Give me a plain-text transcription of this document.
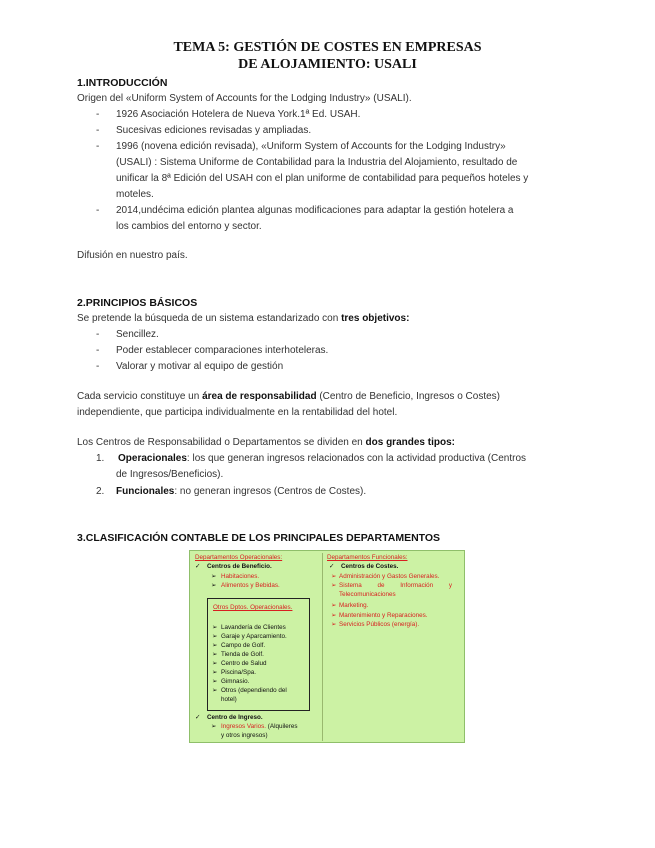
TEMA 5: GESTIÓN DE COSTES EN EMPRESAS
DE ALOJAMIENTO: USALI
1.INTRODUCCIÓN
Origen del «Uniform System of Accounts for the Lodging Industry» (USALI).
- 1926 Asociación Hotelera de Nueva York.1ª Ed. USAH.
- Sucesivas ediciones revisadas y ampliadas.
- 1996 (novena edición revisada), «Uniform System of Accounts for the Lodging Industry»
(USALI) : Sistema Uniforme de Contabilidad para la Industria del Alojamiento, resultado de
unificar la 8ª Edición del USAH con el plan uniforme de contabilidad para pequeños hoteles y
moteles.
- 2014,undécima edición plantea algunas modificaciones para adaptar la gestión hotelera a
los cambios del entorno y sector.
Difusión en nuestro país.
2.PRINCIPIOS BÁSICOS
Se pretende la búsqueda de un sistema estandarizado con tres objetivos:
- Sencillez.
- Poder establecer comparaciones interhoteleras.
- Valorar y motivar al equipo de gestión
Cada servicio constituye un área de responsabilidad (Centro de Beneficio, Ingresos o Costes)
independiente, que participa individualmente en la rentabilidad del hotel.
Los Centros de Responsabilidad o Departamentos se dividen en dos grandes tipos:
1. Operacionales: los que generan ingresos relacionados con la actividad productiva (Centros
de Ingresos/Beneficios).
2. Funcionales: no generan ingresos (Centros de Costes).
3.CLASIFICACIÓN CONTABLE DE LOS PRINCIPALES DEPARTAMENTOS
Departamentos Operacionales:
✓ Centros de Beneficio.
➢ Habitaciones.
➢ Alimentos y Bebidas.
Otros Dptos. Operacionales.
➢ Lavandería de Clientes
➢ Garaje y Aparcamiento.
➢ Campo de Golf.
➢ Tienda de Golf.
➢ Centro de Salud
➢ Piscina/Spa.
➢ Gimnasio.
➢ Otros (dependiendo del
hotel)
✓ Centro de Ingreso.
➢ Ingresos Varios. (Alquileres
y otros ingresos)
Departamentos Funcionales:
✓ Centros de Costes.
➢ Administración y Gastos Generales.
➢ Sistema de Información y
Telecomunicaciones
➢ Marketing.
➢ Mantenimiento y Reparaciones.
➢ Servicios Públicos (energía).
